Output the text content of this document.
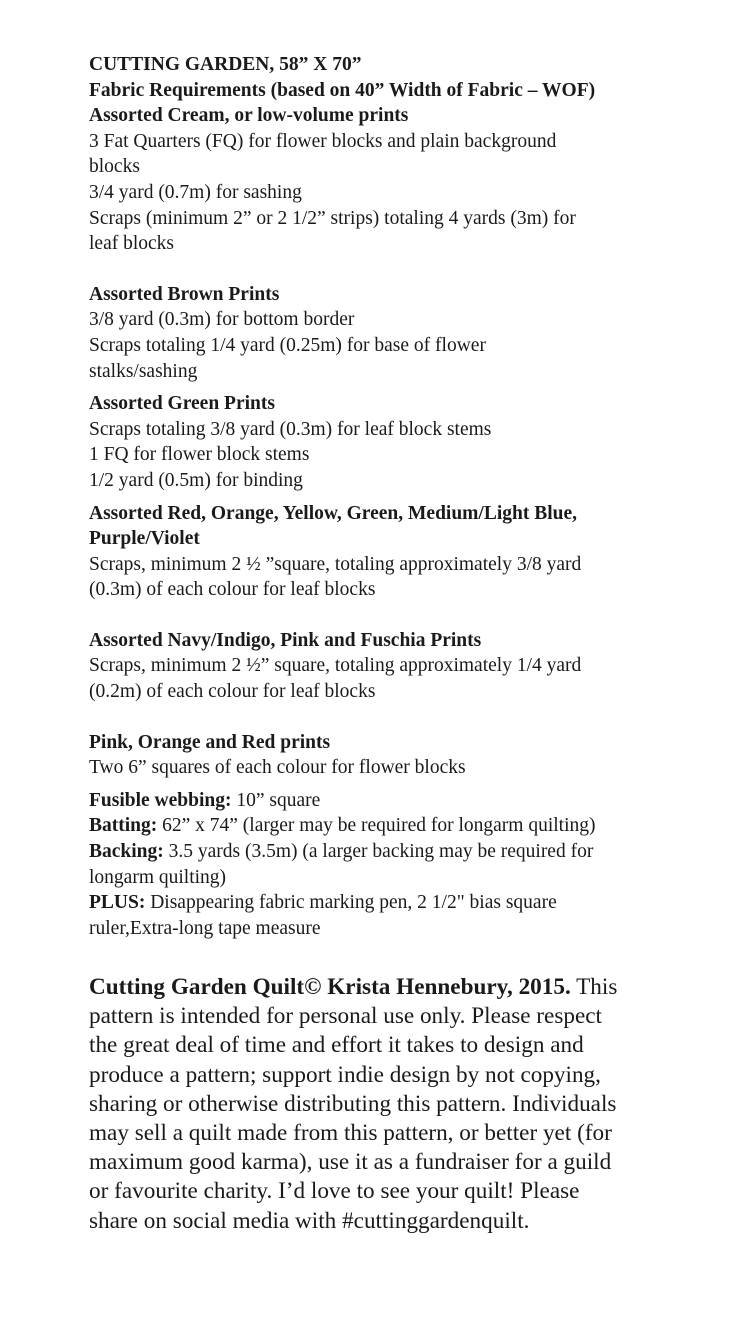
CUTTING GARDEN, 58” X 70”

Fabric Requirements (based on 40” Width of Fabric – WOF)

Assorted Cream, or low-volume prints

3 Fat Quarters (FQ) for flower blocks and plain background

blocks

3/4 yard (0.7m) for sashing

Scraps (minimum 2” or 2 1/2” strips) totaling 4 yards (3m) for

leaf blocks

Assorted Brown Prints

3/8 yard (0.3m) for bottom border

Scraps totaling 1/4 yard (0.25m) for base of flower

stalks/sashing

Assorted Green Prints

Scraps totaling 3/8 yard (0.3m) for leaf block stems

1 FQ for flower block stems

1/2 yard (0.5m) for binding

Assorted Red, Orange, Yellow, Green, Medium/Light Blue,

Purple/Violet

Scraps, minimum 2 ½ ”square, totaling approximately 3/8 yard

(0.3m) of each colour for leaf blocks

Assorted Navy/Indigo, Pink and Fuschia Prints

Scraps, minimum 2 ½” square, totaling approximately 1/4 yard

(0.2m) of each colour for leaf blocks

Pink, Orange and Red prints

Two 6” squares of each colour for flower blocks

Fusible webbing: 10” square

Batting: 62” x 74” (larger may be required for longarm quilting)

Backing: 3.5 yards (3.5m) (a larger backing may be required for

longarm quilting)

PLUS: Disappearing fabric marking pen, 2 1/2" bias square

ruler,Extra-long tape measure

Cutting Garden Quilt© Krista Hennebury, 2015. This

pattern is intended for personal use only. Please respect

the great deal of time and effort it takes to design and

produce a pattern; support indie design by not copying,

sharing or otherwise distributing this pattern. Individuals

may sell a quilt made from this pattern, or better yet (for

maximum good karma), use it as a fundraiser for a guild

or favourite charity. I’d love to see your quilt! Please

share on social media with #cuttinggardenquilt.
